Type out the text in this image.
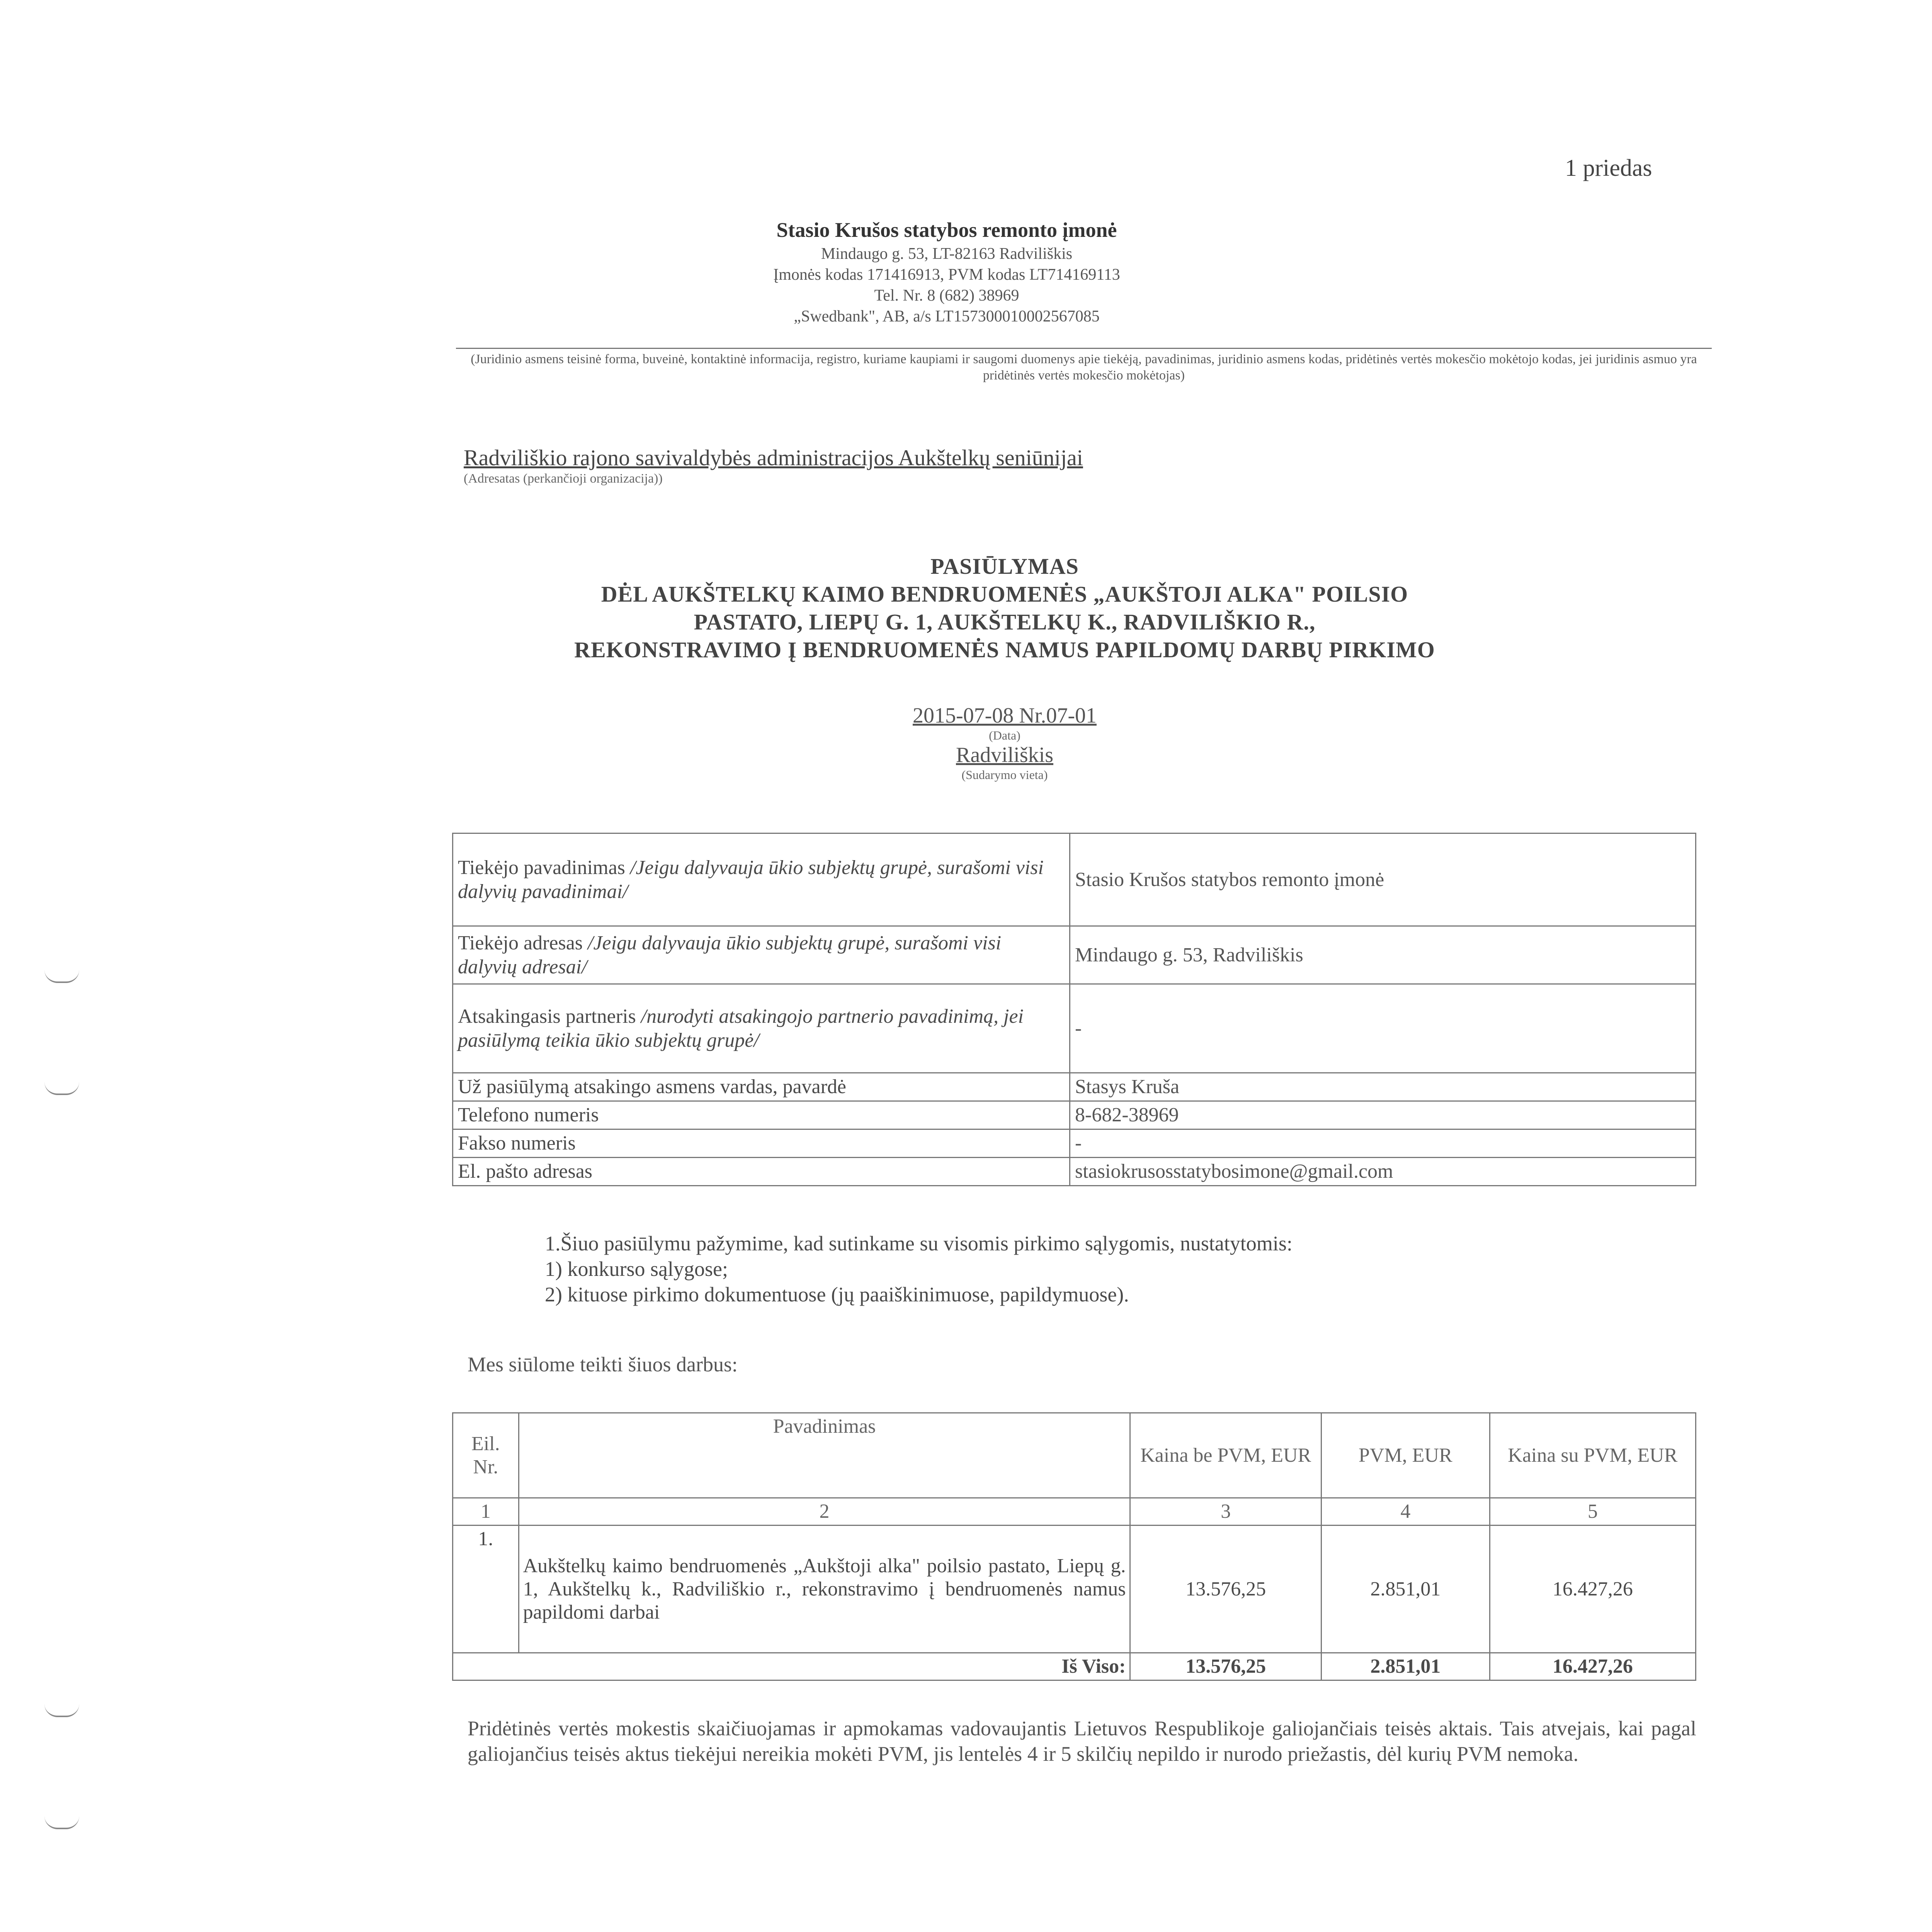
1 priedas
Stasio Krušos statybos remonto įmonė
Mindaugo g. 53, LT-82163 Radviliškis
Įmonės kodas 171416913, PVM kodas LT714169113
Tel. Nr. 8 (682) 38969
„Swedbank", AB, a/s LT157300010002567085
(Juridinio asmens teisinė forma, buveinė, kontaktinė informacija, registro, kuriame kaupiami ir saugomi duomenys apie tiekėją, pavadinimas, juridinio asmens kodas, pridėtinės vertės mokesčio mokėtojo kodas, jei juridinis asmuo yra pridėtinės vertės mokesčio mokėtojas)
Radviliškio rajono savivaldybės administracijos Aukštelkų seniūnijai
(Adresatas (perkančioji organizacija))
PASIŪLYMAS
DĖL AUKŠTELKŲ KAIMO BENDRUOMENĖS „AUKŠTOJI ALKA" POILSIO
PASTATO, LIEPŲ G. 1, AUKŠTELKŲ K., RADVILIŠKIO R.,
REKONSTRAVIMO Į BENDRUOMENĖS NAMUS PAPILDOMŲ DARBŲ PIRKIMO
2015-07-08 Nr.07-01
(Data)
Radviliškis
(Sudarymo vieta)
Tiekėjo pavadinimas /Jeigu dalyvauja ūkio subjektų grupė, surašomi visi dalyvių pavadinimai/	Stasio Krušos statybos remonto įmonė
Tiekėjo adresas /Jeigu dalyvauja ūkio subjektų grupė, surašomi visi dalyvių adresai/	Mindaugo g. 53, Radviliškis
Atsakingasis partneris /nurodyti atsakingojo partnerio pavadinimą, jei pasiūlymą teikia ūkio subjektų grupė/	-
Už pasiūlymą atsakingo asmens vardas, pavardė	Stasys Kruša
Telefono numeris	8-682-38969
Fakso numeris	-
El. pašto adresas	stasiokrusosstatybosimone@gmail.com
1.Šiuo pasiūlymu pažymime, kad sutinkame su visomis pirkimo sąlygomis, nustatytomis:
1) konkurso sąlygose;
2) kituose pirkimo dokumentuose (jų paaiškinimuose, papildymuose).
Mes siūlome teikti šiuos darbus:
Eil. Nr.	Pavadinimas	Kaina be PVM, EUR	PVM, EUR	Kaina su PVM, EUR
1	2	3	4	5
1.	Aukštelkų kaimo bendruomenės „Aukštoji alka" poilsio pastato, Liepų g. 1, Aukštelkų k., Radviliškio r., rekonstravimo į bendruomenės namus papildomi darbai	13.576,25	2.851,01	16.427,26
Iš Viso:		13.576,25	2.851,01	16.427,26
Pridėtinės vertės mokestis skaičiuojamas ir apmokamas vadovaujantis Lietuvos Respublikoje galiojančiais teisės aktais. Tais atvejais, kai pagal galiojančius teisės aktus tiekėjui nereikia mokėti PVM, jis lentelės 4 ir 5 skilčių nepildo ir nurodo priežastis, dėl kurių PVM nemoka.
